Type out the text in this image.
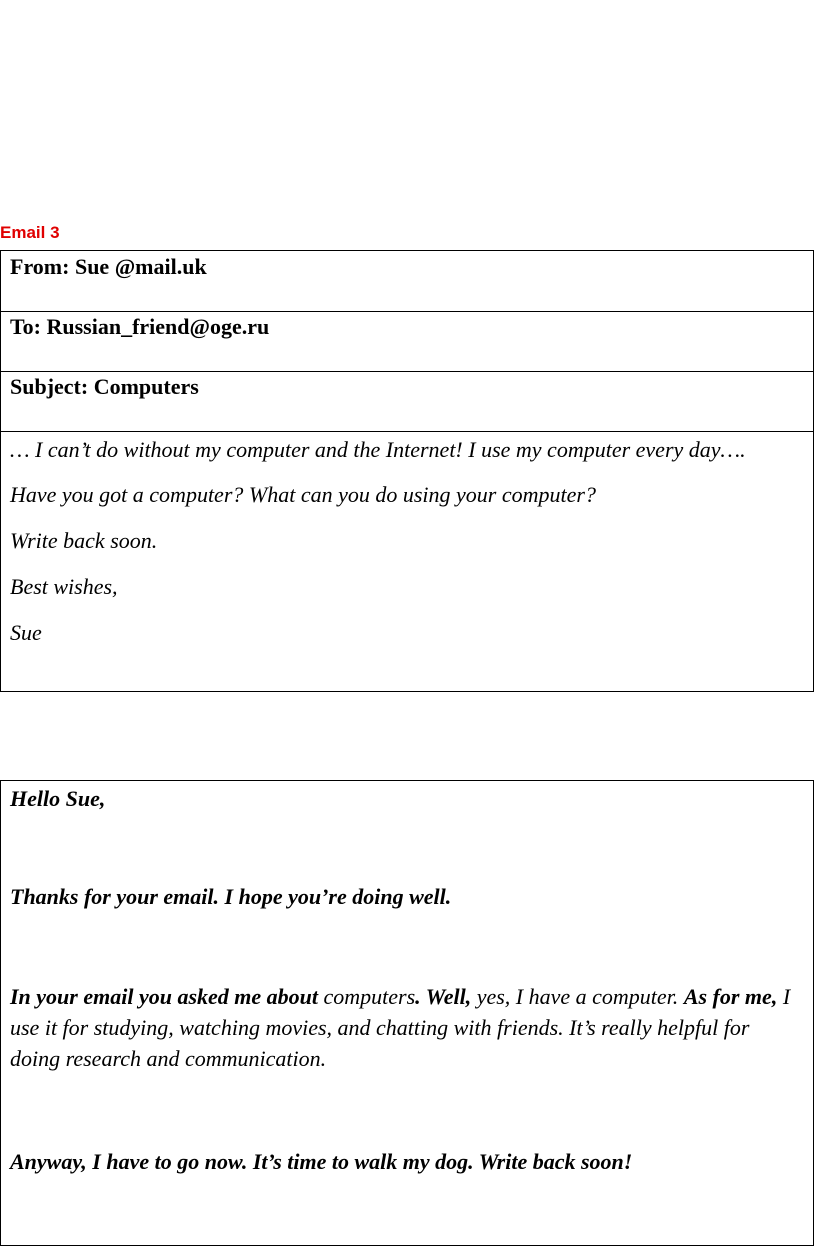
Email 3
From: Sue @mail.uk
To: Russian_friend@oge.ru
Subject: Computers

… I can’t do without my computer and the Internet! I use my computer every day….

Have you got a computer? What can you do using your computer?

Write back soon.

Best wishes,

Sue

Hello Sue,
Thanks for your email. I hope you’re doing well.
In your email you asked me about computers. Well, yes, I have a computer. As for me, I use it for studying, watching movies, and chatting with friends. It’s really helpful for doing research and communication.
Anyway, I have to go now. It’s time to walk my dog. Write back soon!
